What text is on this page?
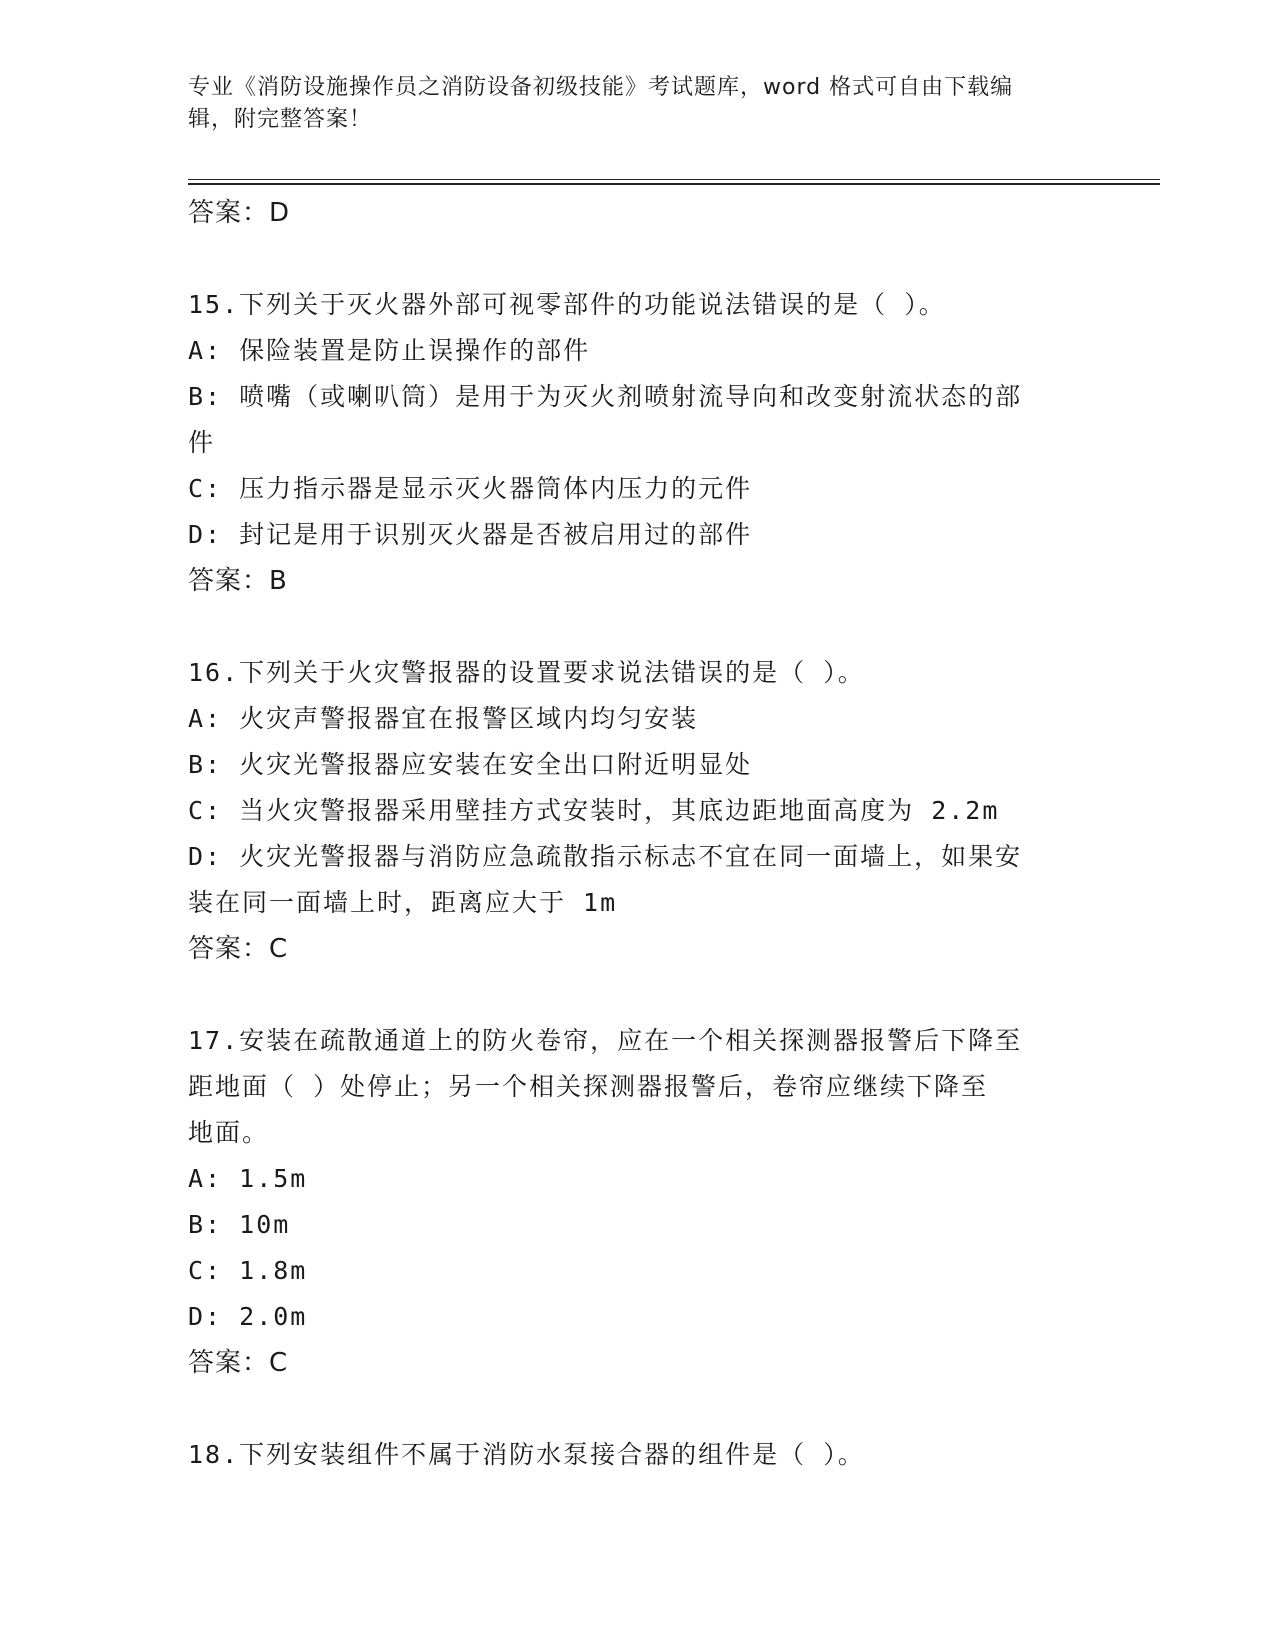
专业《消防设施操作员之消防设备初级技能》考试题库，word 格式可自由下载编
辑，附完整答案！
答案：D
15.下列关于灭火器外部可视零部件的功能说法错误的是（ ）。
A: 保险装置是防止误操作的部件
B: 喷嘴（或喇叭筒）是用于为灭火剂喷射流导向和改变射流状态的部
件
C: 压力指示器是显示灭火器筒体内压力的元件
D: 封记是用于识别灭火器是否被启用过的部件
答案：B
16.下列关于火灾警报器的设置要求说法错误的是（ ）。
A: 火灾声警报器宜在报警区域内均匀安装
B: 火灾光警报器应安装在安全出口附近明显处
C: 当火灾警报器采用壁挂方式安装时，其底边距地面高度为 2.2m
D: 火灾光警报器与消防应急疏散指示标志不宜在同一面墙上，如果安
装在同一面墙上时，距离应大于 1m
答案：C
17.安装在疏散通道上的防火卷帘，应在一个相关探测器报警后下降至
距地面（ ）处停止；另一个相关探测器报警后，卷帘应继续下降至
地面。
A: 1.5m
B: 10m
C: 1.8m
D: 2.0m
答案：C
18.下列安装组件不属于消防水泵接合器的组件是（ ）。
